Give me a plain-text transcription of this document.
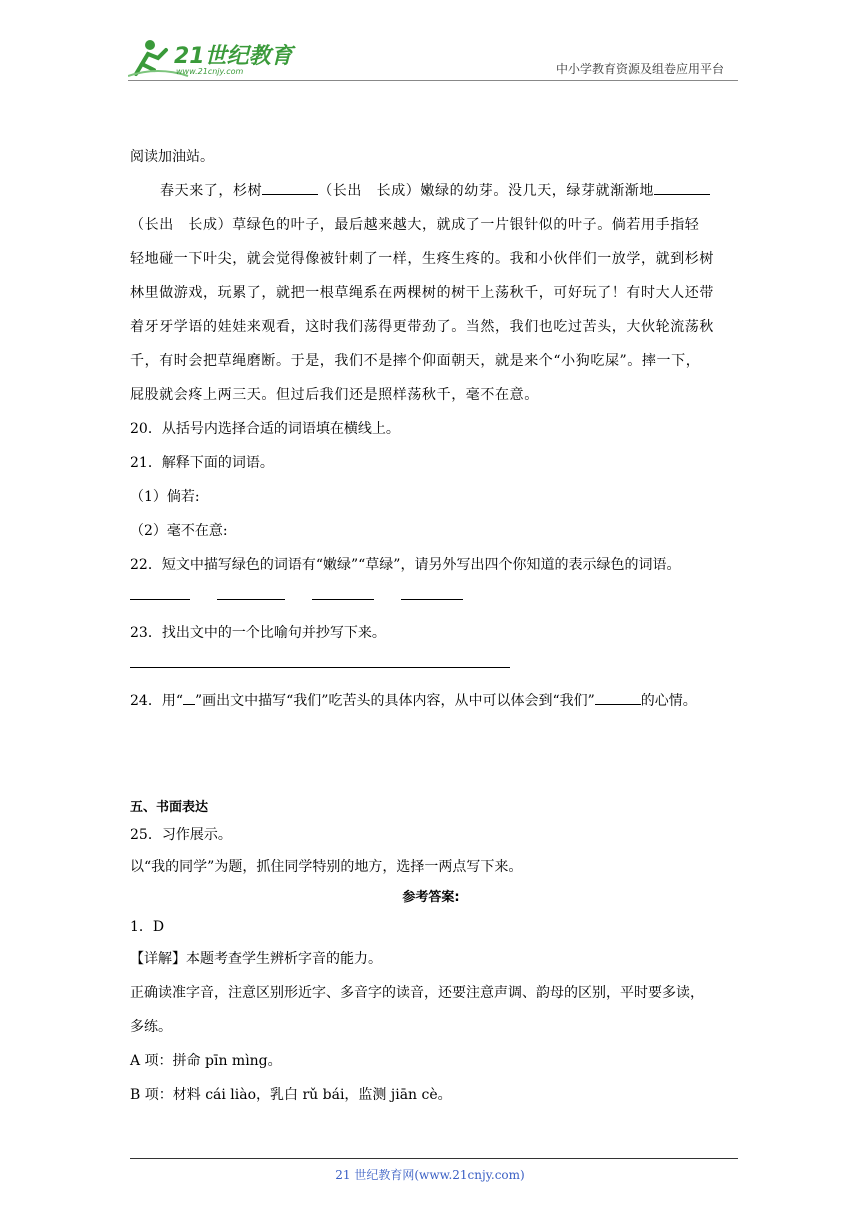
21世纪教育
www.21cnjy.com	中小学教育资源及组卷应用平台
阅读加油站。
春天来了，杉树	（长出　长成）嫩绿的幼芽。没几天，绿芽就渐渐地
（长出　长成）草绿色的叶子，最后越来越大，就成了一片银针似的叶子。倘若用手指轻
轻地碰一下叶尖，就会觉得像被针刺了一样，生疼生疼的。我和小伙伴们一放学，就到杉树
林里做游戏，玩累了，就把一根草绳系在两棵树的树干上荡秋千，可好玩了！有时大人还带
着牙牙学语的娃娃来观看，这时我们荡得更带劲了。当然，我们也吃过苦头，大伙轮流荡秋
千，有时会把草绳磨断。于是，我们不是摔个仰面朝天，就是来个“小狗吃屎”。摔一下，
屁股就会疼上两三天。但过后我们还是照样荡秋千，毫不在意。
20．从括号内选择合适的词语填在横线上。
21．解释下面的词语。
（1）倘若:
（2）毫不在意:
22．短文中描写绿色的词语有“嫩绿”“草绿”，请另外写出四个你知道的表示绿色的词语。

23．找出文中的一个比喻句并抄写下来。
24．用“ ”画出文中描写“我们”吃苦头的具体内容，从中可以体会到“我们”	的心情。
五、书面表达
25．习作展示。
以“我的同学”为题，抓住同学特别的地方，选择一两点写下来。
参考答案:
1．D
【详解】本题考查学生辨析字音的能力。
正确读准字音，注意区别形近字、多音字的读音，还要注意声调、韵母的区别，平时要多读，
多练。
A 项：拼命 pīn mìng。
B 项：材料 cái liào，乳白 rǔ bái，监测 jiān cè。
21 世纪教育网(www.21cnjy.com)
